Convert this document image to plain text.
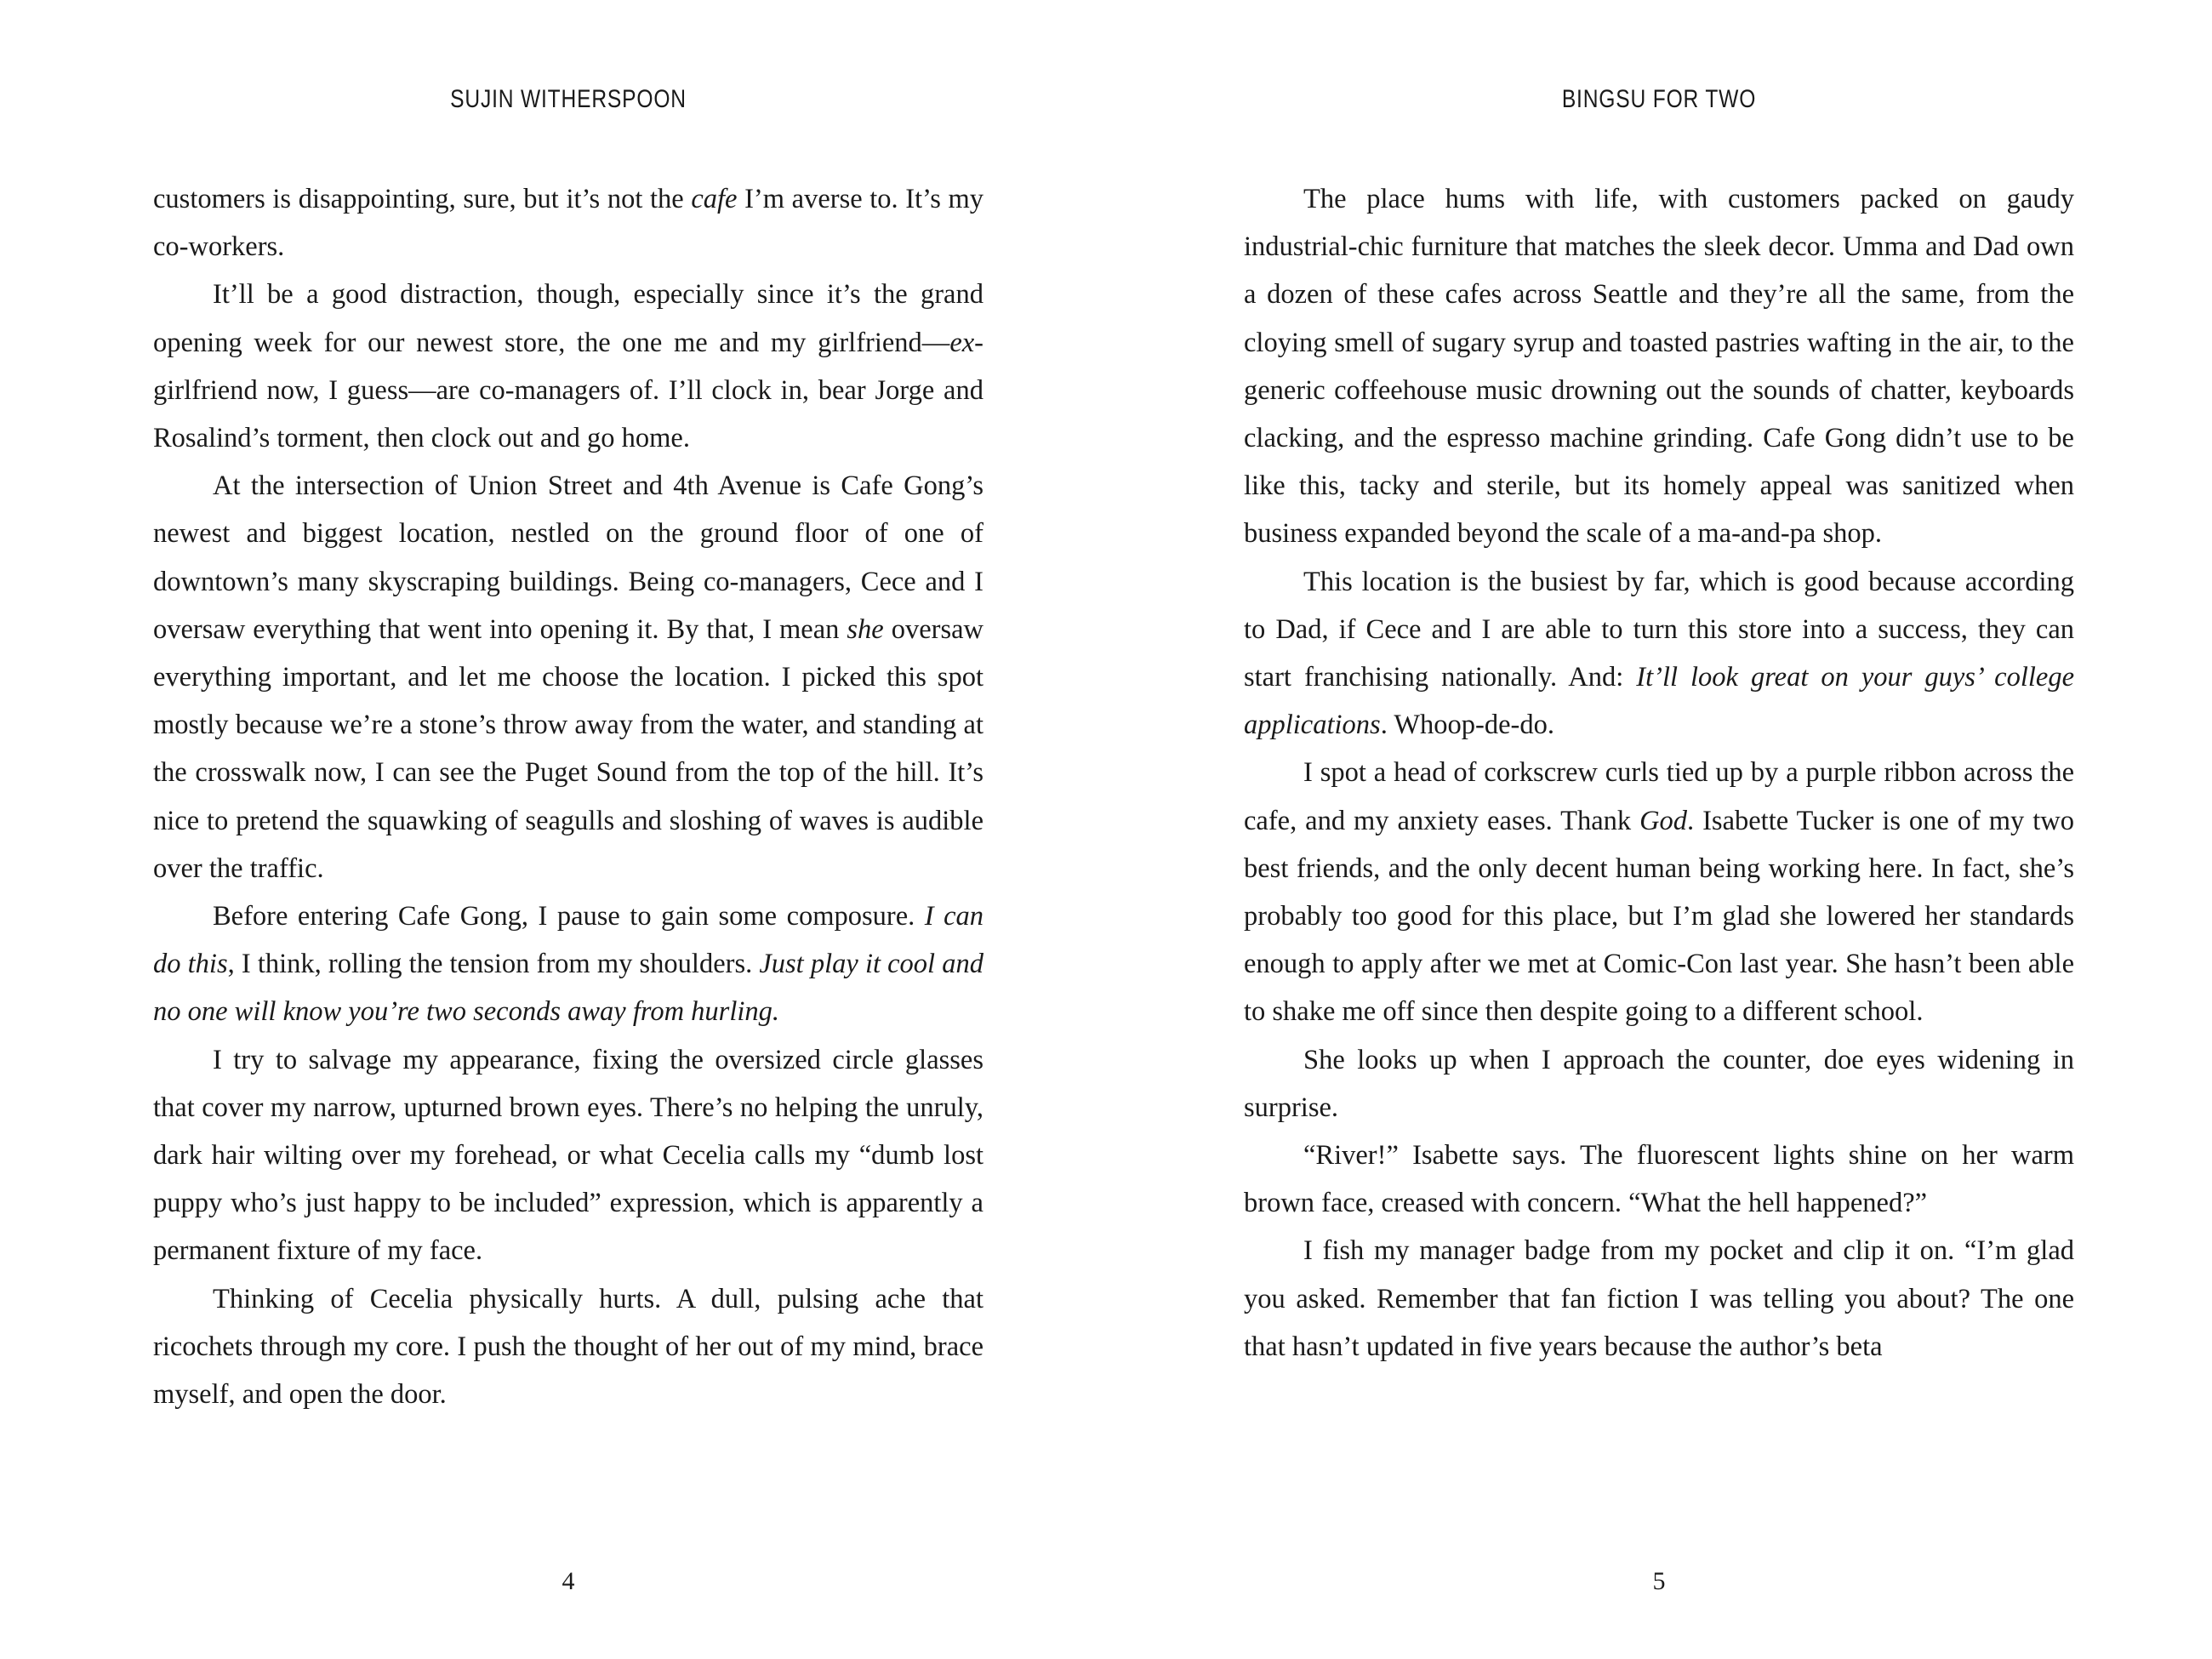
SUJIN WITHERSPOON

customers is disappointing, sure, but it’s not the cafe I’m averse to. It’s my co-workers.

It’ll be a good distraction, though, especially since it’s the grand opening week for our newest store, the one me and my girlfriend—ex-girlfriend now, I guess—are co-managers of. I’ll clock in, bear Jorge and Rosalind’s torment, then clock out and go home.

At the intersection of Union Street and 4th Avenue is Cafe Gong’s newest and biggest location, nestled on the ground floor of one of downtown’s many skyscraping buildings. Being co-managers, Cece and I oversaw everything that went into opening it. By that, I mean she oversaw everything important, and let me choose the location. I picked this spot mostly because we’re a stone’s throw away from the water, and standing at the crosswalk now, I can see the Puget Sound from the top of the hill. It’s nice to pretend the squawking of seagulls and sloshing of waves is audible over the traffic.

Before entering Cafe Gong, I pause to gain some composure. I can do this, I think, rolling the tension from my shoulders. Just play it cool and no one will know you’re two seconds away from hurling.

I try to salvage my appearance, fixing the oversized circle glasses that cover my narrow, upturned brown eyes. There’s no helping the unruly, dark hair wilting over my forehead, or what Cecelia calls my “dumb lost puppy who’s just happy to be included” expression, which is apparently a permanent fixture of my face.

Thinking of Cecelia physically hurts. A dull, pulsing ache that ricochets through my core. I push the thought of her out of my mind, brace myself, and open the door.

4
BINGSU FOR TWO

The place hums with life, with customers packed on gaudy industrial-chic furniture that matches the sleek decor. Umma and Dad own a dozen of these cafes across Seattle and they’re all the same, from the cloying smell of sugary syrup and toasted pastries wafting in the air, to the generic coffeehouse music drowning out the sounds of chatter, keyboards clacking, and the espresso machine grinding. Cafe Gong didn’t use to be like this, tacky and sterile, but its homely appeal was sanitized when business expanded beyond the scale of a ma-and-pa shop.

This location is the busiest by far, which is good because according to Dad, if Cece and I are able to turn this store into a success, they can start franchising nationally. And: It’ll look great on your guys’ college applications. Whoop-de-do.

I spot a head of corkscrew curls tied up by a purple ribbon across the cafe, and my anxiety eases. Thank God. Isabette Tucker is one of my two best friends, and the only decent human being working here. In fact, she’s probably too good for this place, but I’m glad she lowered her standards enough to apply after we met at Comic-Con last year. She hasn’t been able to shake me off since then despite going to a different school.

She looks up when I approach the counter, doe eyes widening in surprise.

“River!” Isabette says. The fluorescent lights shine on her warm brown face, creased with concern. “What the hell happened?”

I fish my manager badge from my pocket and clip it on. “I’m glad you asked. Remember that fan fiction I was telling you about? The one that hasn’t updated in five years because the author’s beta

5
